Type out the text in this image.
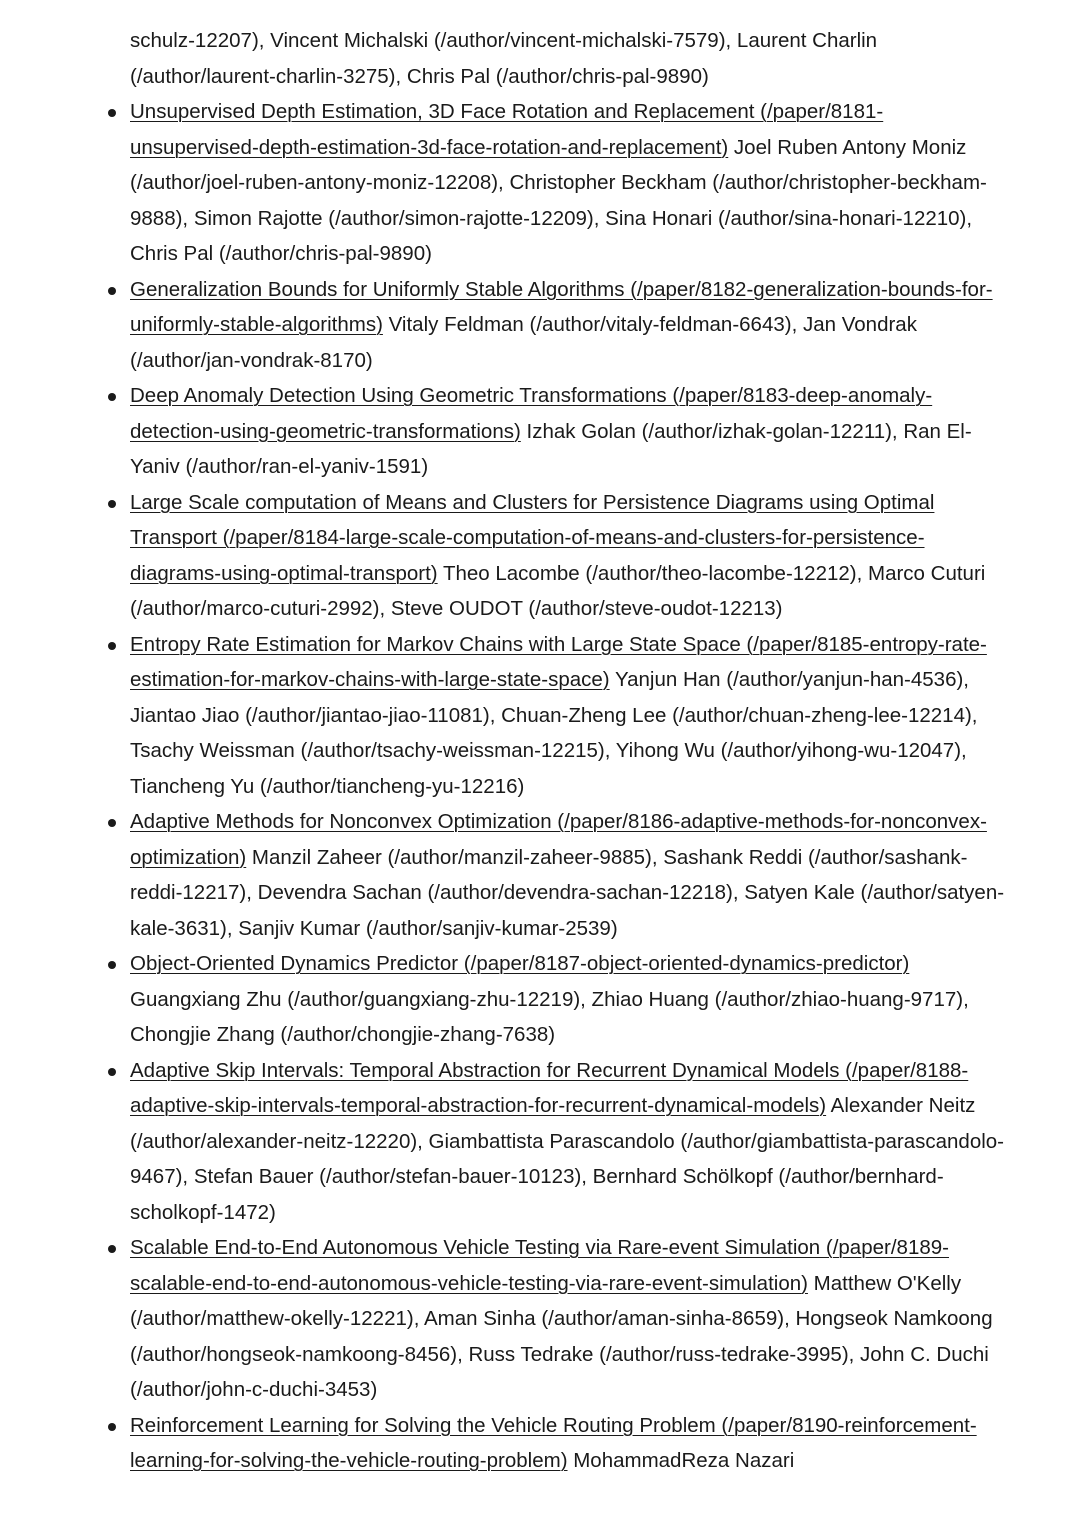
schulz-12207), Vincent Michalski (/author/vincent-michalski-7579), Laurent Charlin (/author/laurent-charlin-3275), Chris Pal (/author/chris-pal-9890)
Unsupervised Depth Estimation, 3D Face Rotation and Replacement (/paper/8181-unsupervised-depth-estimation-3d-face-rotation-and-replacement) Joel Ruben Antony Moniz (/author/joel-ruben-antony-moniz-12208), Christopher Beckham (/author/christopher-beckham-9888), Simon Rajotte (/author/simon-rajotte-12209), Sina Honari (/author/sina-honari-12210), Chris Pal (/author/chris-pal-9890)
Generalization Bounds for Uniformly Stable Algorithms (/paper/8182-generalization-bounds-for-uniformly-stable-algorithms) Vitaly Feldman (/author/vitaly-feldman-6643), Jan Vondrak (/author/jan-vondrak-8170)
Deep Anomaly Detection Using Geometric Transformations (/paper/8183-deep-anomaly-detection-using-geometric-transformations) Izhak Golan (/author/izhak-golan-12211), Ran El-Yaniv (/author/ran-el-yaniv-1591)
Large Scale computation of Means and Clusters for Persistence Diagrams using Optimal Transport (/paper/8184-large-scale-computation-of-means-and-clusters-for-persistence-diagrams-using-optimal-transport) Theo Lacombe (/author/theo-lacombe-12212), Marco Cuturi (/author/marco-cuturi-2992), Steve OUDOT (/author/steve-oudot-12213)
Entropy Rate Estimation for Markov Chains with Large State Space (/paper/8185-entropy-rate-estimation-for-markov-chains-with-large-state-space) Yanjun Han (/author/yanjun-han-4536), Jiantao Jiao (/author/jiantao-jiao-11081), Chuan-Zheng Lee (/author/chuan-zheng-lee-12214), Tsachy Weissman (/author/tsachy-weissman-12215), Yihong Wu (/author/yihong-wu-12047), Tiancheng Yu (/author/tiancheng-yu-12216)
Adaptive Methods for Nonconvex Optimization (/paper/8186-adaptive-methods-for-nonconvex-optimization) Manzil Zaheer (/author/manzil-zaheer-9885), Sashank Reddi (/author/sashank-reddi-12217), Devendra Sachan (/author/devendra-sachan-12218), Satyen Kale (/author/satyen-kale-3631), Sanjiv Kumar (/author/sanjiv-kumar-2539)
Object-Oriented Dynamics Predictor (/paper/8187-object-oriented-dynamics-predictor) Guangxiang Zhu (/author/guangxiang-zhu-12219), Zhiao Huang (/author/zhiao-huang-9717), Chongjie Zhang (/author/chongjie-zhang-7638)
Adaptive Skip Intervals: Temporal Abstraction for Recurrent Dynamical Models (/paper/8188-adaptive-skip-intervals-temporal-abstraction-for-recurrent-dynamical-models) Alexander Neitz (/author/alexander-neitz-12220), Giambattista Parascandolo (/author/giambattista-parascandolo-9467), Stefan Bauer (/author/stefan-bauer-10123), Bernhard Schölkopf (/author/bernhard-scholkopf-1472)
Scalable End-to-End Autonomous Vehicle Testing via Rare-event Simulation (/paper/8189-scalable-end-to-end-autonomous-vehicle-testing-via-rare-event-simulation) Matthew O'Kelly (/author/matthew-okelly-12221), Aman Sinha (/author/aman-sinha-8659), Hongseok Namkoong (/author/hongseok-namkoong-8456), Russ Tedrake (/author/russ-tedrake-3995), John C. Duchi (/author/john-c-duchi-3453)
Reinforcement Learning for Solving the Vehicle Routing Problem (/paper/8190-reinforcement-learning-for-solving-the-vehicle-routing-problem) MohammadReza Nazari
